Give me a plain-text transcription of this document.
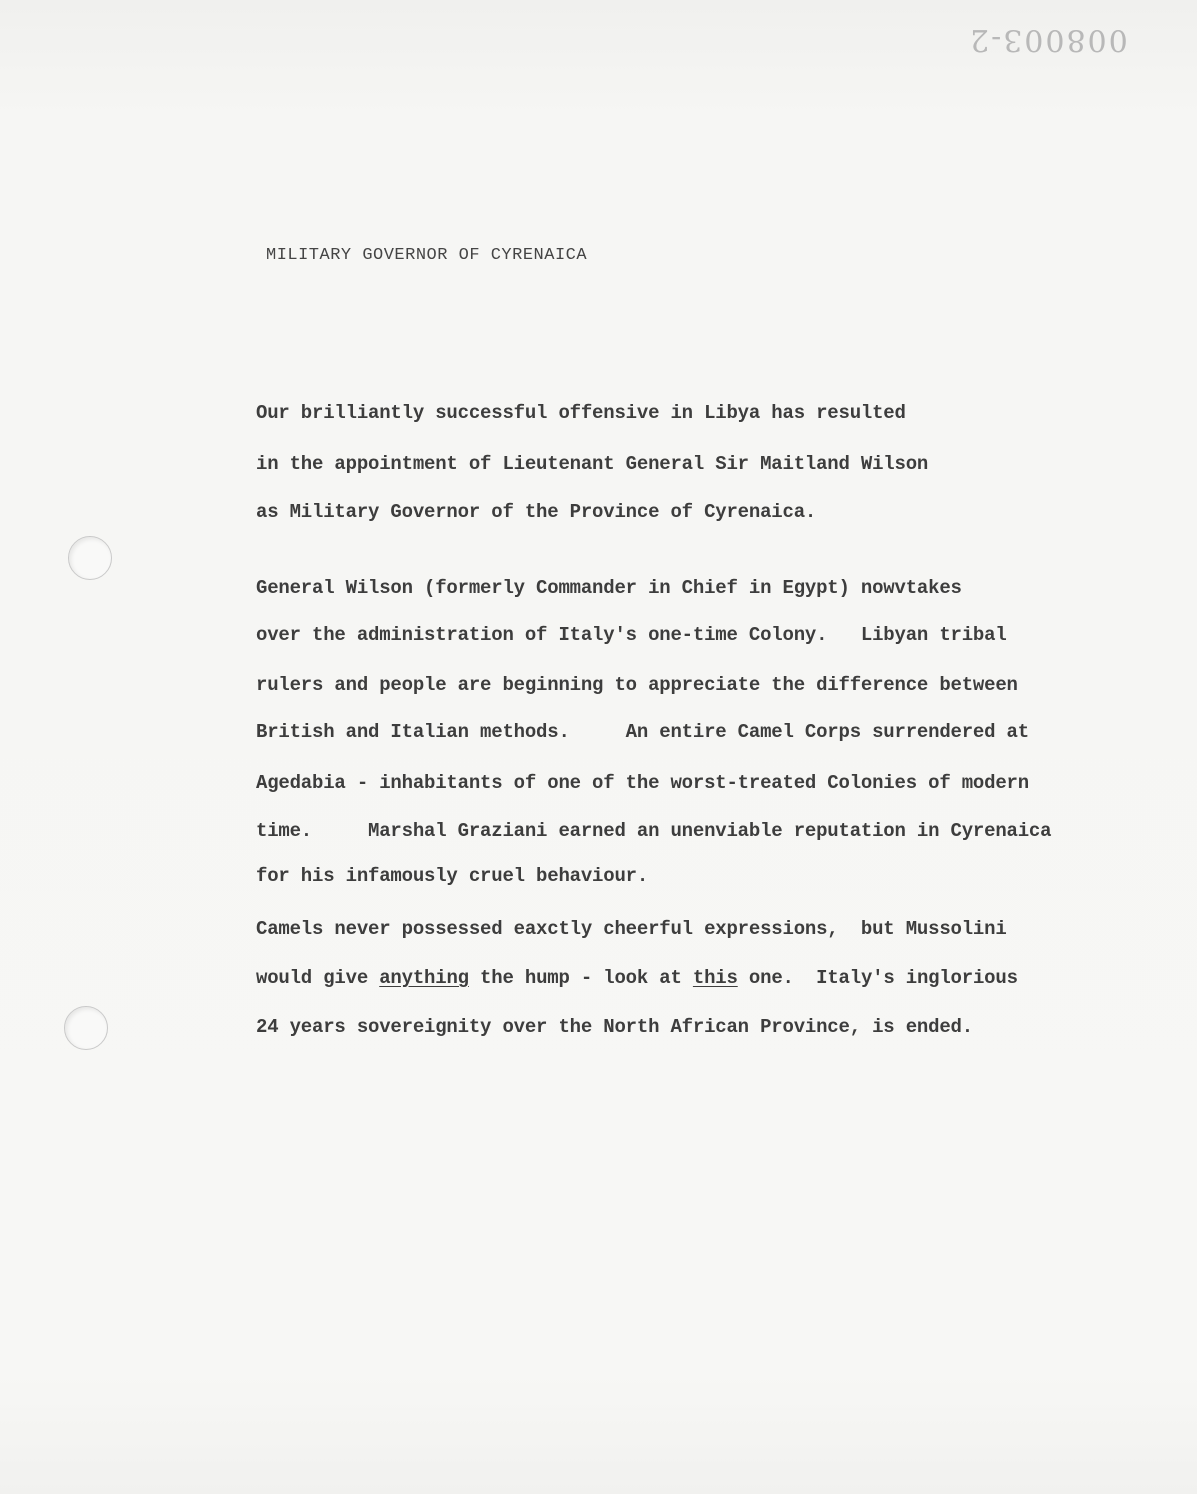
008003-2
MILITARY GOVERNOR OF CYRENAICA
Our brilliantly successful offensive in Libya has resulted
in the appointment of Lieutenant General Sir Maitland Wilson
as Military Governor of the Province of Cyrenaica.
General Wilson (formerly Commander in Chief in Egypt) nowvtakes
over the administration of Italy's one-time Colony.   Libyan tribal
rulers and people are beginning to appreciate the difference between
British and Italian methods.     An entire Camel Corps surrendered at
Agedabia - inhabitants of one of the worst-treated Colonies of modern
time.     Marshal Graziani earned an unenviable reputation in Cyrenaica
for his infamously cruel behaviour.
Camels never possessed eaxctly cheerful expressions,  but Mussolini
would give anything the hump - look at this one.  Italy's inglorious
24 years sovereignity over the North African Province, is ended.
